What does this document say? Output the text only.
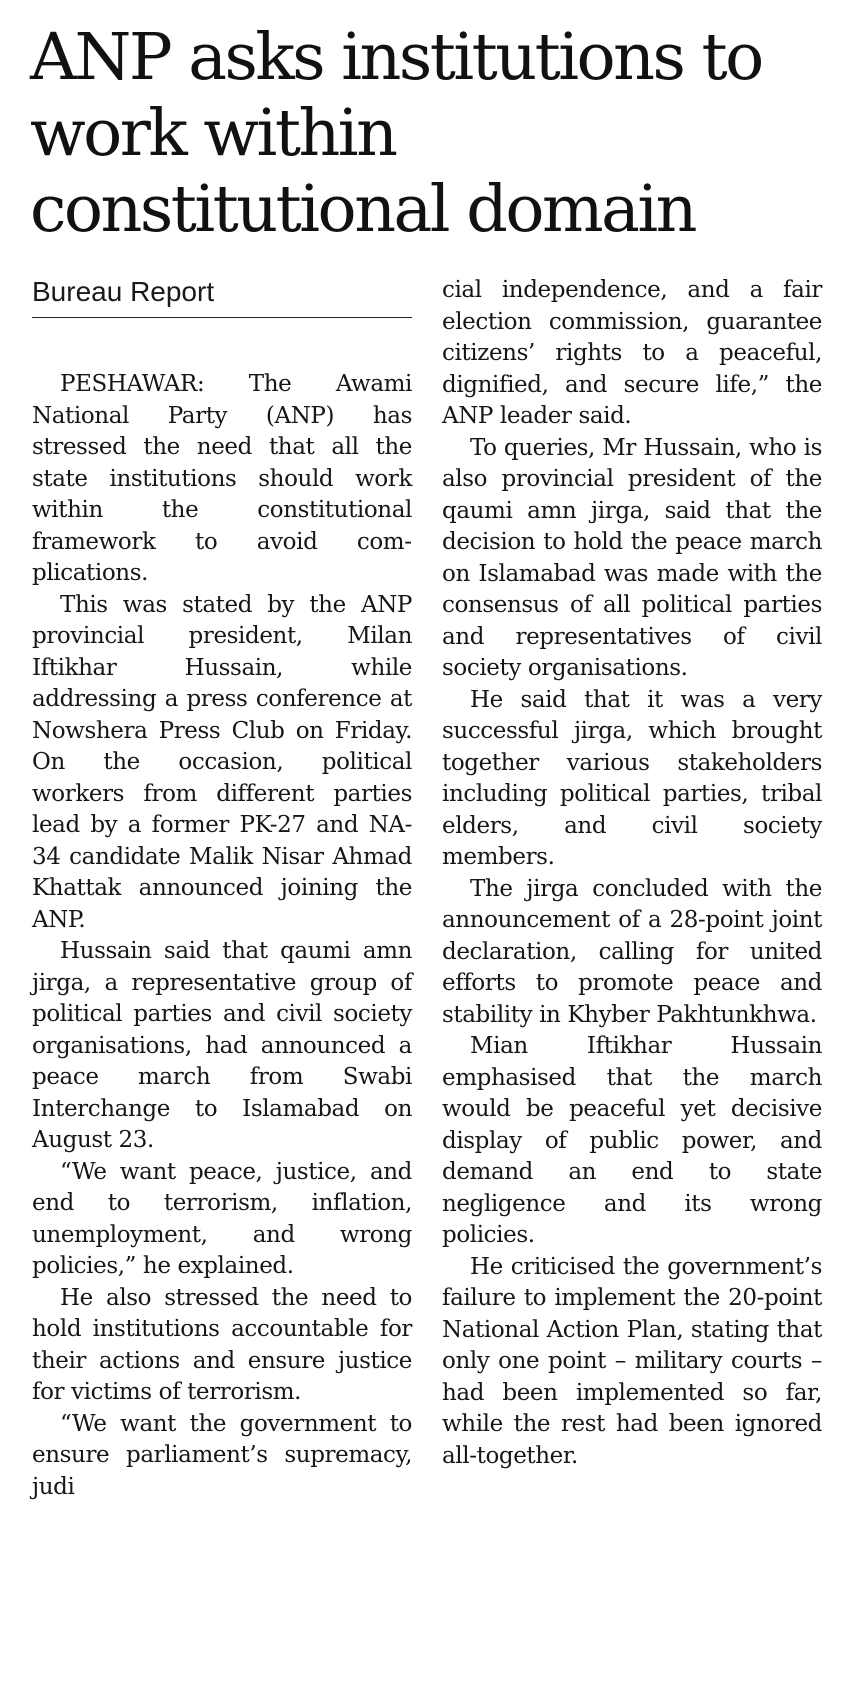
ANP asks institutions to work within constitutional domain
Bureau Report

PESHAWAR: The Awami National Party (ANP) has stressed the need that all the state institutions should work within the constitutional framework to avoid complications.

This was stated by the ANP provincial president, Milan Iftikhar Hussain, while addressing a press conference at Nowshera Press Club on Friday. On the occasion, political workers from different parties lead by a former PK-27 and NA-34 candidate Malik Nisar Ahmad Khattak announced joining the ANP.

Hussain said that qaumi amn jirga, a representative group of political parties and civil society organisations, had announced a peace march from Swabi Interchange to Islamabad on August 23.

“We want peace, justice, and end to terrorism, inflation, unemployment, and wrong policies,” he explained.

He also stressed the need to hold institutions accountable for their actions and ensure justice for victims of terrorism.

“We want the government to ensure parliament’s supremacy, judi

cial independence, and a fair election commission, guarantee citizens’ rights to a peaceful, dignified, and secure life,” the ANP leader said.

To queries, Mr Hussain, who is also provincial president of the qaumi amn jirga, said that the decision to hold the peace march on Islamabad was made with the consensus of all political parties and representatives of civil society organisations.

He said that it was a very successful jirga, which brought together various stakeholders including political parties, tribal elders, and civil society members.

The jirga concluded with the announcement of a 28-point joint declaration, calling for united efforts to promote peace and stability in Khyber Pakhtunkhwa.

Mian Iftikhar Hussain emphasised that the march would be peaceful yet decisive display of public power, and demand an end to state negligence and its wrong policies.

He criticised the government’s failure to implement the 20-point National Action Plan, stating that only one point – military courts – had been implemented so far, while the rest had been ignored all-together.
